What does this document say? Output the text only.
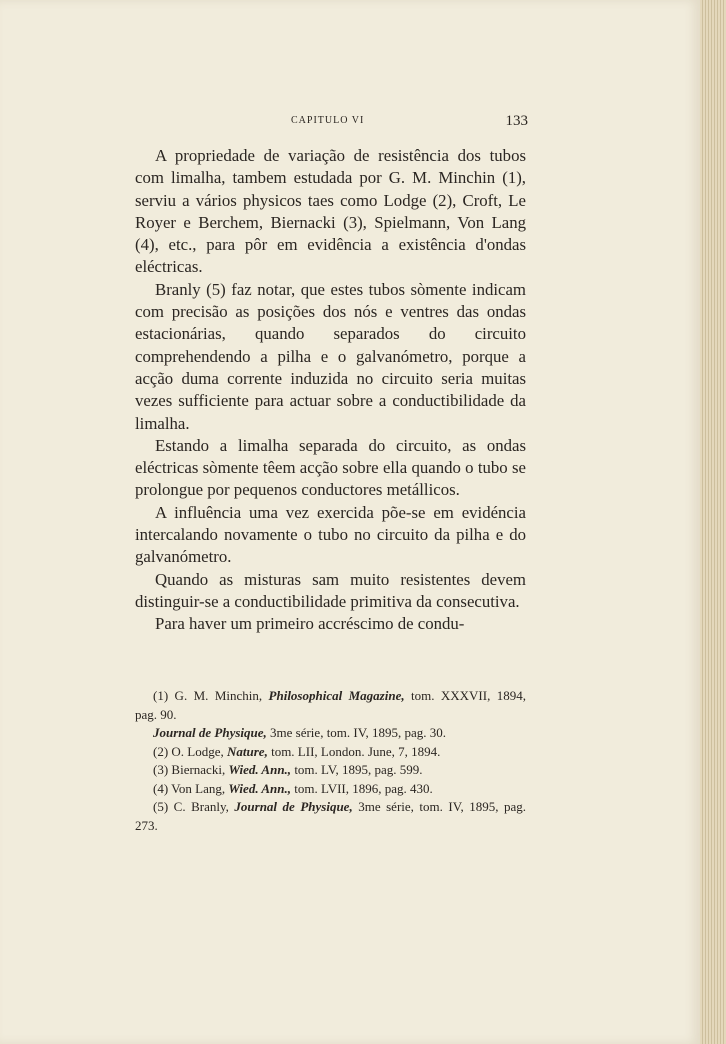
CAPITULO VI	133

A propriedade de variação de resistência dos tubos com limalha, tambem estudada por G. M. Minchin (1), serviu a vários physicos taes como Lodge (2), Croft, Le Royer e Berchem, Biernacki (3), Spielmann, Von Lang (4), etc., para pôr em evidência a existência d'ondas eléctricas.

Branly (5) faz notar, que estes tubos sòmente indicam com precisão as posições dos nós e ventres das ondas estacionárias, quando separados do circuito comprehendendo a pilha e o galvanómetro, porque a acção duma corrente induzida no circuito seria muitas vezes sufficiente para actuar sobre a conductibilidade da limalha.

Estando a limalha separada do circuito, as ondas eléctricas sòmente têem acção sobre ella quando o tubo se prolongue por pequenos conductores metállicos.

A influência uma vez exercida põe-se em evidéncia intercalando novamente o tubo no circuito da pilha e do galvanómetro.

Quando as misturas sam muito resistentes devem distinguir-se a conductibilidade primitiva da consecutiva.

Para haver um primeiro accréscimo de condu-

(1) G. M. Minchin, Philosophical Magazine, tom. XXXVII, 1894, pag. 90.

Journal de Physique, 3me série, tom. IV, 1895, pag. 30.

(2) O. Lodge, Nature, tom. LII, London. June, 7, 1894.

(3) Biernacki, Wied. Ann., tom. LV, 1895, pag. 599.

(4) Von Lang, Wied. Ann., tom. LVII, 1896, pag. 430.

(5) C. Branly, Journal de Physique, 3me série, tom. IV, 1895, pag. 273.
